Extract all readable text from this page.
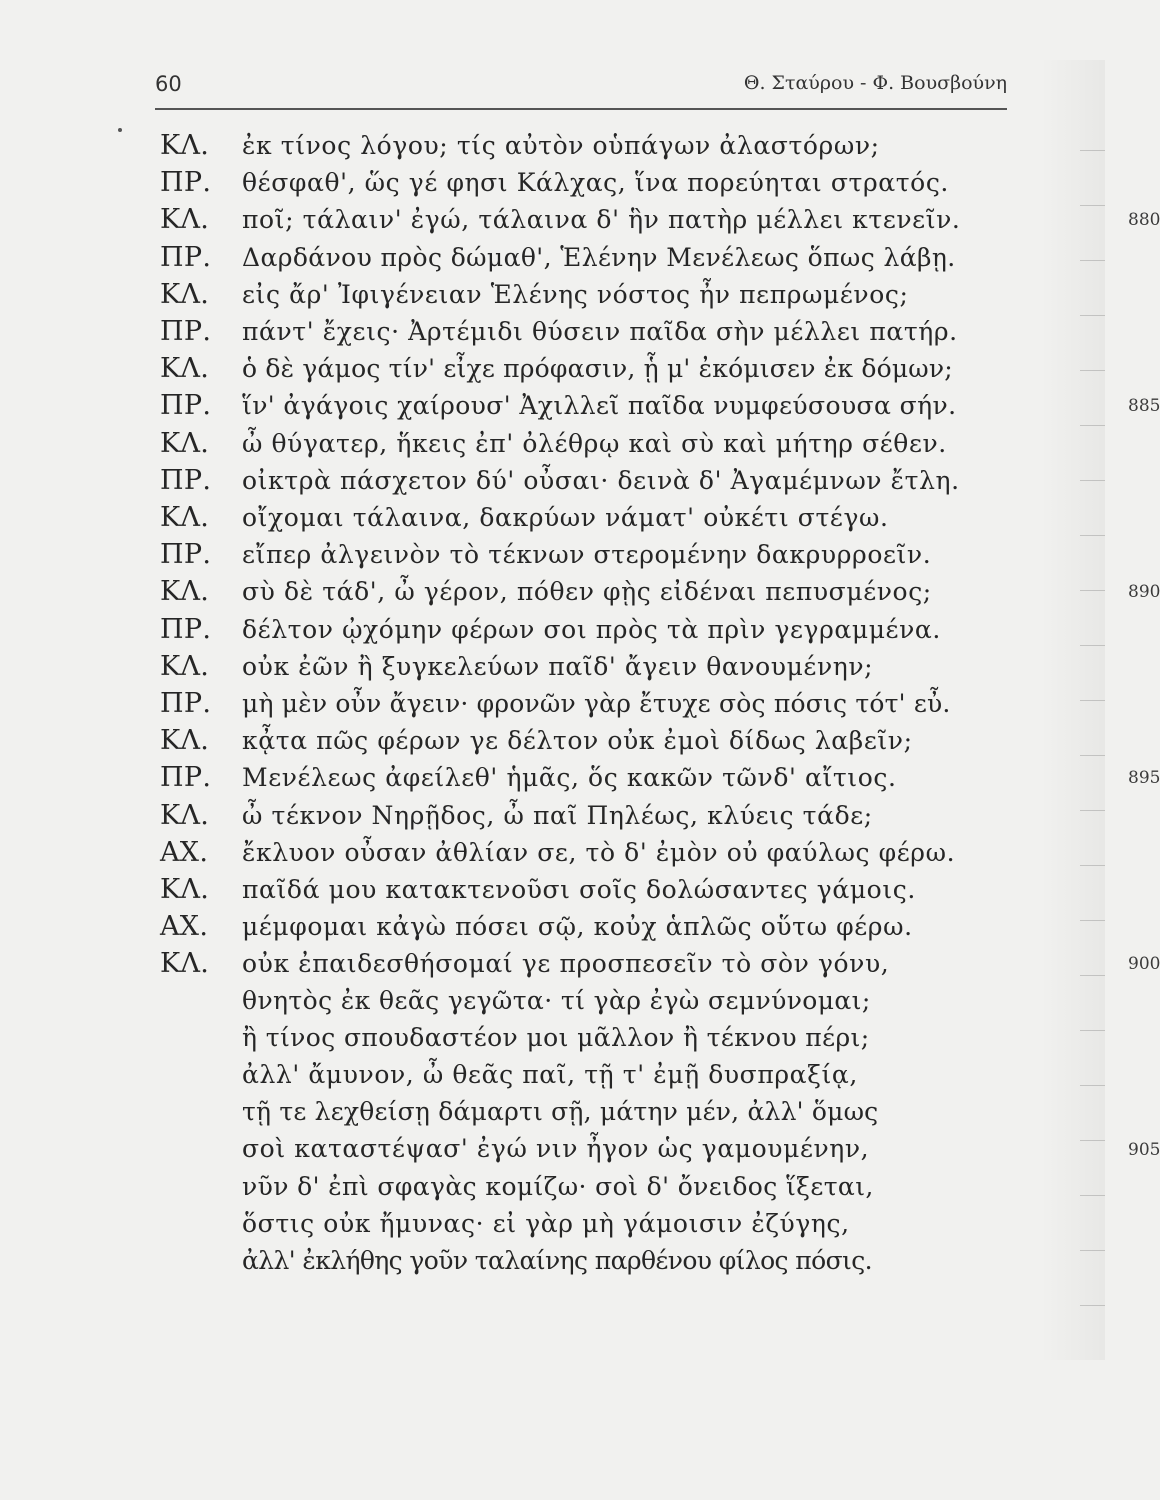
60	Θ. Σταύρου - Φ. Βουσβούνη
ΚΛ. ἐκ τίνος λόγου; τίς αὐτὸν οὑπάγων ἀλαστόρων;
ΠΡ. θέσφαθ', ὥς γέ φησι Κάλχας, ἵνα πορεύηται στρατός.
ΚΛ. ποῖ; τάλαιν' ἐγώ, τάλαινα δ' ἣν πατὴρ μέλλει κτενεῖν.	880
ΠΡ. Δαρδάνου πρὸς δώμαθ', Ἑλένην Μενέλεως ὅπως λάβῃ.
ΚΛ. εἰς ἄρ' Ἰφιγένειαν Ἑλένης νόστος ἦν πεπρωμένος;
ΠΡ. πάντ' ἔχεις· Ἀρτέμιδι θύσειν παῖδα σὴν μέλλει πατήρ.
ΚΛ. ὁ δὲ γάμος τίν' εἶχε πρόφασιν, ᾗ μ' ἐκόμισεν ἐκ δόμων;
ΠΡ. ἵν' ἀγάγοις χαίρουσ' Ἀχιλλεῖ παῖδα νυμφεύσουσα σήν.	885
ΚΛ. ὦ θύγατερ, ἥκεις ἐπ' ὀλέθρῳ καὶ σὺ καὶ μήτηρ σέθεν.
ΠΡ. οἰκτρὰ πάσχετον δύ' οὖσαι· δεινὰ δ' Ἀγαμέμνων ἔτλη.
ΚΛ. οἴχομαι τάλαινα, δακρύων νάματ' οὐκέτι στέγω.
ΠΡ. εἴπερ ἀλγεινὸν τὸ τέκνων στερομένην δακρυρροεῖν.
ΚΛ. σὺ δὲ τάδ', ὦ γέρον, πόθεν φῂς εἰδέναι πεπυσμένος;	890
ΠΡ. δέλτον ᾠχόμην φέρων σοι πρὸς τὰ πρὶν γεγραμμένα.
ΚΛ. οὐκ ἐῶν ἢ ξυγκελεύων παῖδ' ἄγειν θανουμένην;
ΠΡ. μὴ μὲν οὖν ἄγειν· φρονῶν γὰρ ἔτυχε σὸς πόσις τότ' εὖ.
ΚΛ. κᾆτα πῶς φέρων γε δέλτον οὐκ ἐμοὶ δίδως λαβεῖν;
ΠΡ. Μενέλεως ἀφείλεθ' ἡμᾶς, ὅς κακῶν τῶνδ' αἴτιος.	895
ΚΛ. ὦ τέκνον Νηρῇδος, ὦ παῖ Πηλέως, κλύεις τάδε;
ΑΧ. ἔκλυον οὖσαν ἀθλίαν σε, τὸ δ' ἐμὸν οὐ φαύλως φέρω.
ΚΛ. παῖδά μου κατακτενοῦσι σοῖς δολώσαντες γάμοις.
ΑΧ. μέμφομαι κἀγὼ πόσει σῷ, κοὐχ ἁπλῶς οὕτω φέρω.
ΚΛ. οὐκ ἐπαιδεσθήσομαί γε προσπεσεῖν τὸ σὸν γόνυ,	900
θνητὸς ἐκ θεᾶς γεγῶτα· τί γὰρ ἐγὼ σεμνύνομαι;
ἢ τίνος σπουδαστέον μοι μᾶλλον ἢ τέκνου πέρι;
ἀλλ' ἄμυνον, ὦ θεᾶς παῖ, τῇ τ' ἐμῇ δυσπραξίᾳ,
τῇ τε λεχθείσῃ δάμαρτι σῇ, μάτην μέν, ἀλλ' ὅμως
σοὶ καταστέψασ' ἐγώ νιν ἦγον ὡς γαμουμένην,	905
νῦν δ' ἐπὶ σφαγὰς κομίζω· σοὶ δ' ὄνειδος ἵξεται,
ὅστις οὐκ ἤμυνας· εἰ γὰρ μὴ γάμοισιν ἐζύγης,
ἀλλ' ἐκλήθης γοῦν ταλαίνης παρθένου φίλος πόσις.
